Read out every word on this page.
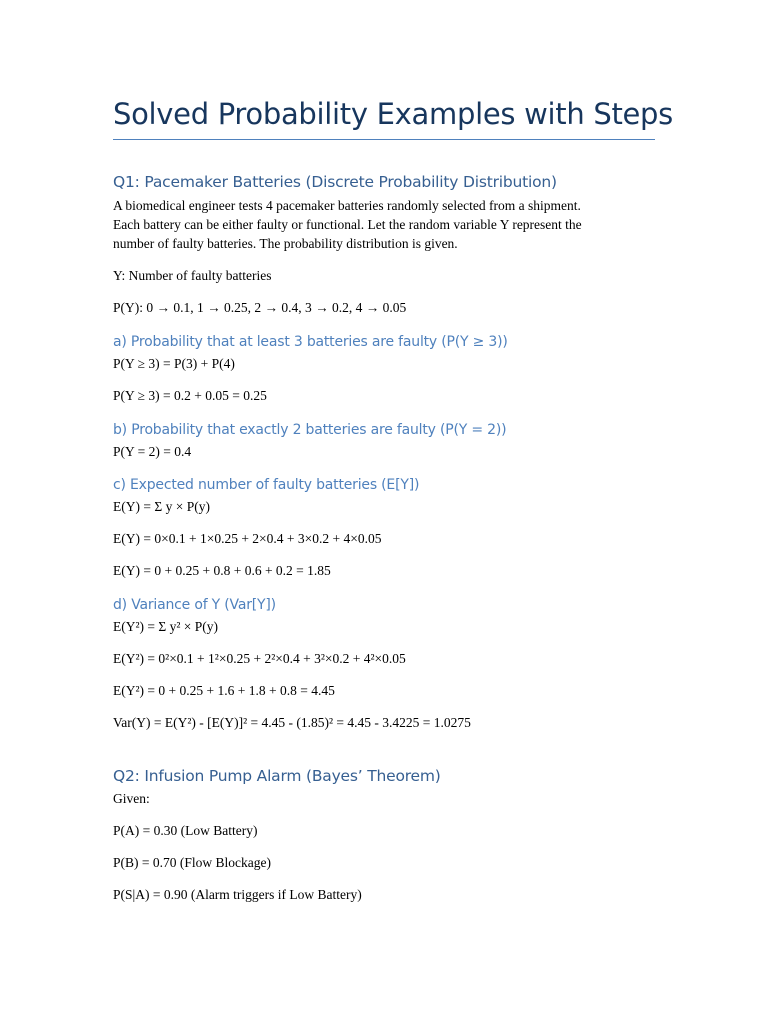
Solved Probability Examples with Steps
Q1: Pacemaker Batteries (Discrete Probability Distribution)
A biomedical engineer tests 4 pacemaker batteries randomly selected from a shipment.
Each battery can be either faulty or functional. Let the random variable Y represent the
number of faulty batteries. The probability distribution is given.
Y: Number of faulty batteries
P(Y): 0 → 0.1, 1 → 0.25, 2 → 0.4, 3 → 0.2, 4 → 0.05
a) Probability that at least 3 batteries are faulty (P(Y ≥ 3))
P(Y ≥ 3) = P(3) + P(4)
P(Y ≥ 3) = 0.2 + 0.05 = 0.25
b) Probability that exactly 2 batteries are faulty (P(Y = 2))
P(Y = 2) = 0.4
c) Expected number of faulty batteries (E[Y])
E(Y) = Σ y × P(y)
E(Y) = 0×0.1 + 1×0.25 + 2×0.4 + 3×0.2 + 4×0.05
E(Y) = 0 + 0.25 + 0.8 + 0.6 + 0.2 = 1.85
d) Variance of Y (Var[Y])
E(Y²) = Σ y² × P(y)
E(Y²) = 0²×0.1 + 1²×0.25 + 2²×0.4 + 3²×0.2 + 4²×0.05
E(Y²) = 0 + 0.25 + 1.6 + 1.8 + 0.8 = 4.45
Var(Y) = E(Y²) - [E(Y)]² = 4.45 - (1.85)² = 4.45 - 3.4225 = 1.0275
Q2: Infusion Pump Alarm (Bayes’ Theorem)
Given:
P(A) = 0.30 (Low Battery)
P(B) = 0.70 (Flow Blockage)
P(S|A) = 0.90 (Alarm triggers if Low Battery)
